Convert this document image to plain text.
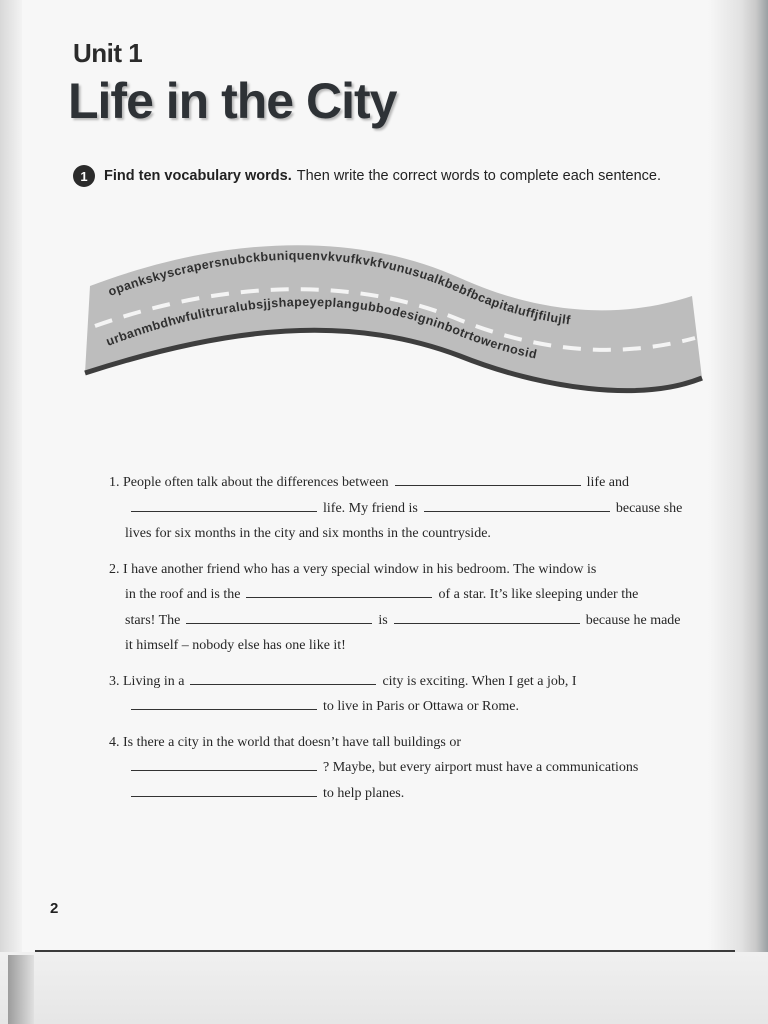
Unit 1
Life in the City
1	Find ten vocabulary words. Then write the correct words to complete each sentence.
opankskyscrapersnubckbuniquenvkvufkvkfvunusualkbebfbcapitaluffjfilujlf
urbanmbdhwfulitruralubsjjshapeyeplangubbodesigninbotrtowernosid
1. People often talk about the differences between	life and
life. My friend is	because she
lives for six months in the city and six months in the countryside.
2. I have another friend who has a very special window in his bedroom. The window is
in the roof and is the	of a star. It’s like sleeping under the
stars! The	is	because he made
it himself – nobody else has one like it!
3. Living in a	city is exciting. When I get a job, I
to live in Paris or Ottawa or Rome.
4. Is there a city in the world that doesn’t have tall buildings or
? Maybe, but every airport must have a communications
to help planes.
2
